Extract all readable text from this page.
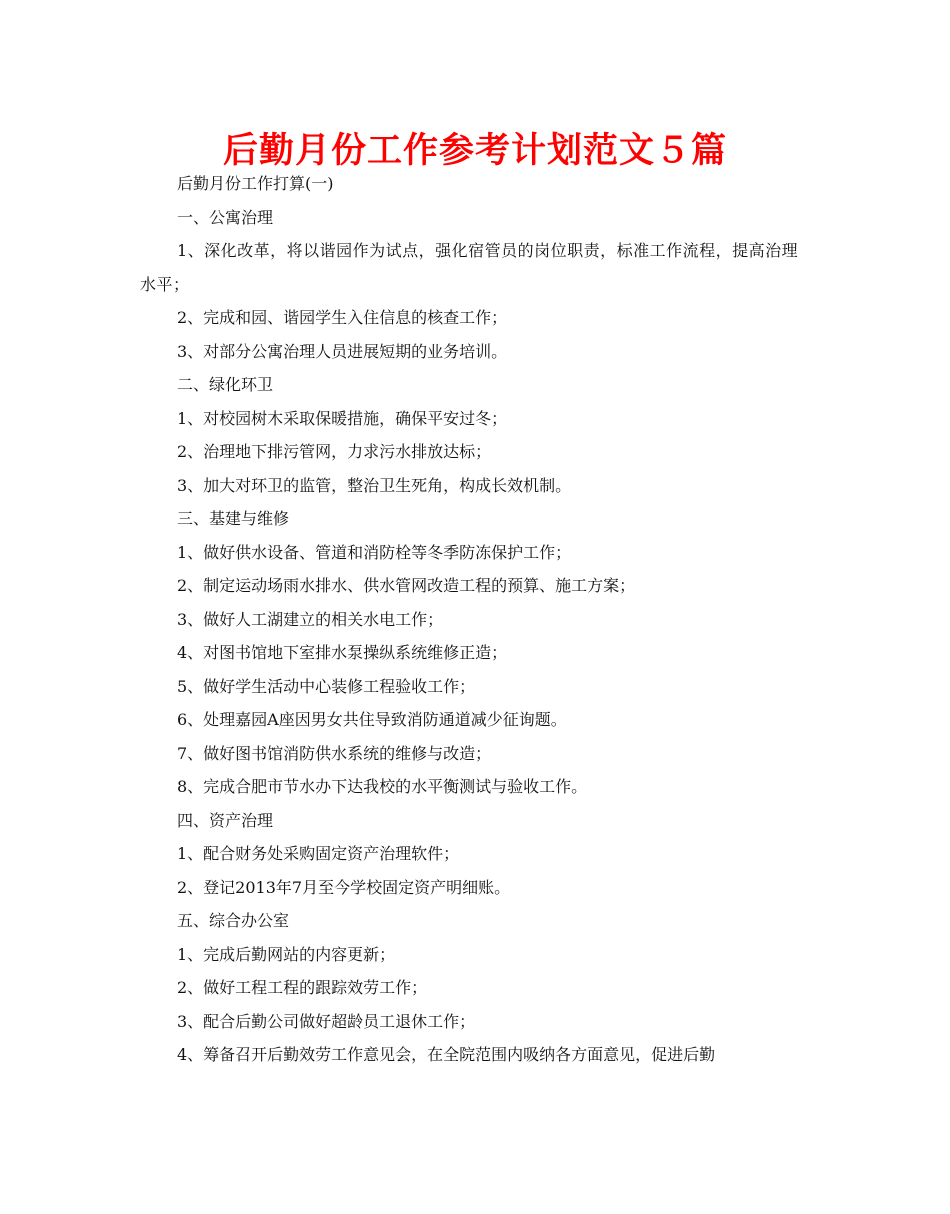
后勤月份工作参考计划范文５篇

后勤月份工作打算(一)

一、公寓治理

1、深化改革，将以谐园作为试点，强化宿管员的岗位职责，标准工作流程，提高治理水平；

2、完成和园、谐园学生入住信息的核查工作；

3、对部分公寓治理人员进展短期的业务培训。

二、绿化环卫

1、对校园树木采取保暖措施，确保平安过冬；

2、治理地下排污管网，力求污水排放达标；

3、加大对环卫的监管，整治卫生死角，构成长效机制。

三、基建与维修

1、做好供水设备、管道和消防栓等冬季防冻保护工作；

2、制定运动场雨水排水、供水管网改造工程的预算、施工方案；

3、做好人工湖建立的相关水电工作；

4、对图书馆地下室排水泵操纵系统维修正造；

5、做好学生活动中心装修工程验收工作；

6、处理嘉园A座因男女共住导致消防通道减少征询题。

7、做好图书馆消防供水系统的维修与改造；

8、完成合肥市节水办下达我校的水平衡测试与验收工作。

四、资产治理

1、配合财务处采购固定资产治理软件；

2、登记2013年7月至今学校固定资产明细账。

五、综合办公室

1、完成后勤网站的内容更新；

2、做好工程工程的跟踪效劳工作；

3、配合后勤公司做好超龄员工退休工作；

4、筹备召开后勤效劳工作意见会，在全院范围内吸纳各方面意见，促进后勤
